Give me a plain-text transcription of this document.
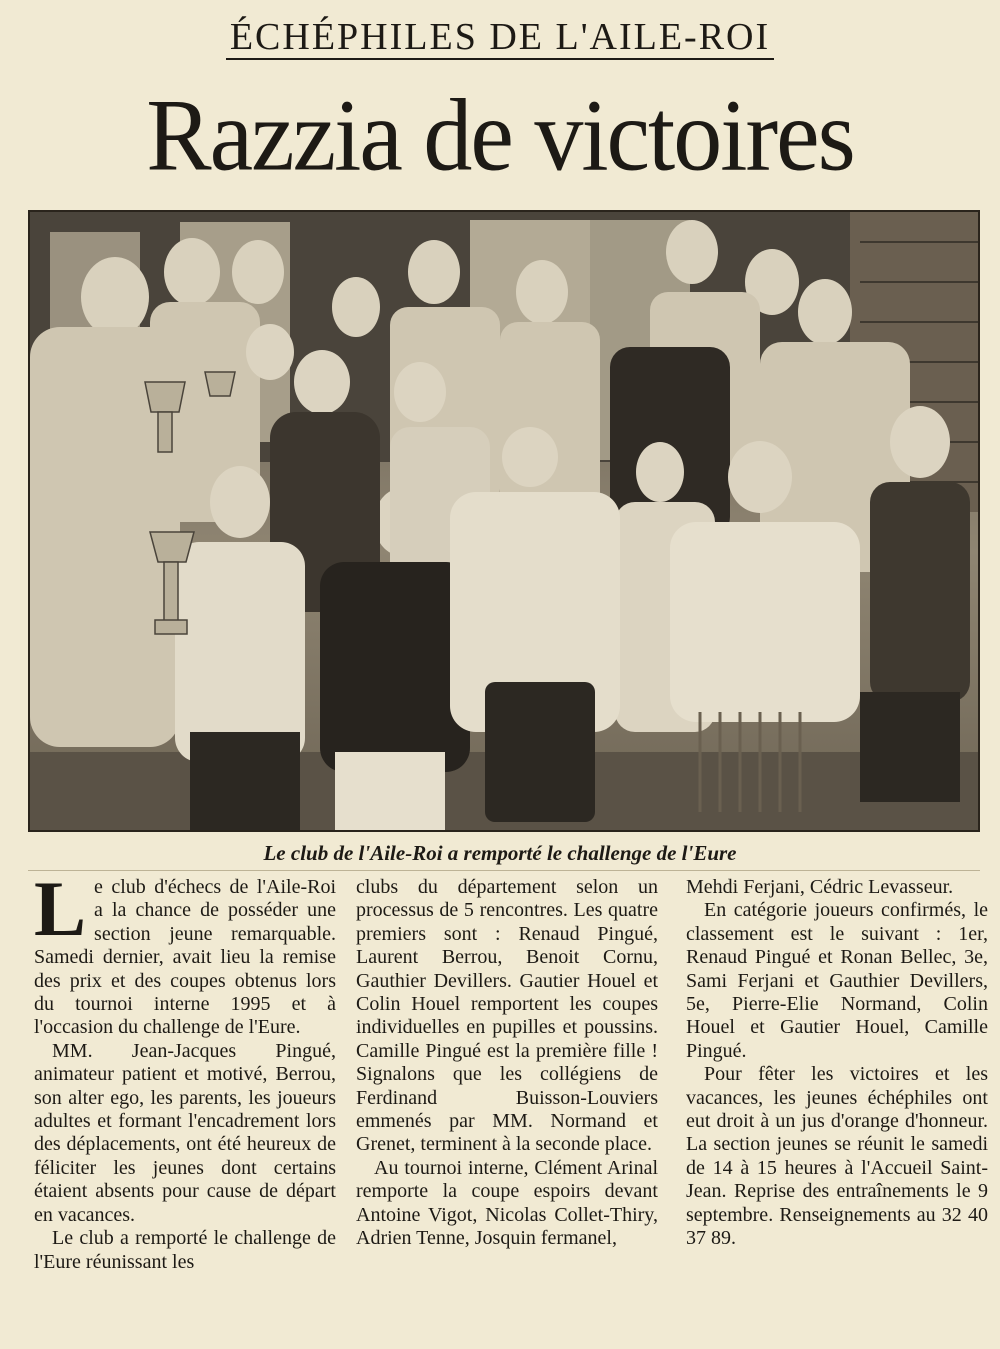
ÉCHÉPHILES DE L'AILE-ROI
Razzia de victoires
Le club de l'Aile-Roi a remporté le challenge de l'Eure

Le club d'échecs de l'Aile-Roi a la chance de posséder une section jeune remarquable. Samedi dernier, avait lieu la remise des prix et des coupes obtenus lors du tournoi interne 1995 et à l'occasion du challenge de l'Eure.

MM. Jean-Jacques Pingué, animateur patient et motivé, Berrou, son alter ego, les parents, les joueurs adultes et formant l'encadrement lors des déplacements, ont été heureux de féliciter les jeunes dont certains étaient absents pour cause de départ en vacances.

Le club a remporté le challenge de l'Eure réunissant les

clubs du département selon un processus de 5 rencontres. Les quatre premiers sont : Renaud Pingué, Laurent Berrou, Benoit Cornu, Gauthier Devillers. Gautier Houel et Colin Houel remportent les coupes individuelles en pupilles et poussins. Camille Pingué est la première fille ! Signalons que les collégiens de Ferdinand Buisson-Louviers emmenés par MM. Normand et Grenet, terminent à la seconde place.

Au tournoi interne, Clément Arinal remporte la coupe espoirs devant Antoine Vigot, Nicolas Collet-Thiry, Adrien Tenne, Josquin fermanel,

Mehdi Ferjani, Cédric Levasseur.

En catégorie joueurs confirmés, le classement est le suivant : 1er, Renaud Pingué et Ronan Bellec, 3e, Sami Ferjani et Gauthier Devillers, 5e, Pierre-Elie Normand, Colin Houel et Gautier Houel, Camille Pingué.

Pour fêter les victoires et les vacances, les jeunes échéphiles ont eut droit à un jus d'orange d'honneur. La section jeunes se réunit le samedi de 14 à 15 heures à l'Accueil Saint-Jean. Reprise des entraînements le 9 septembre. Renseignements au 32 40 37 89.
